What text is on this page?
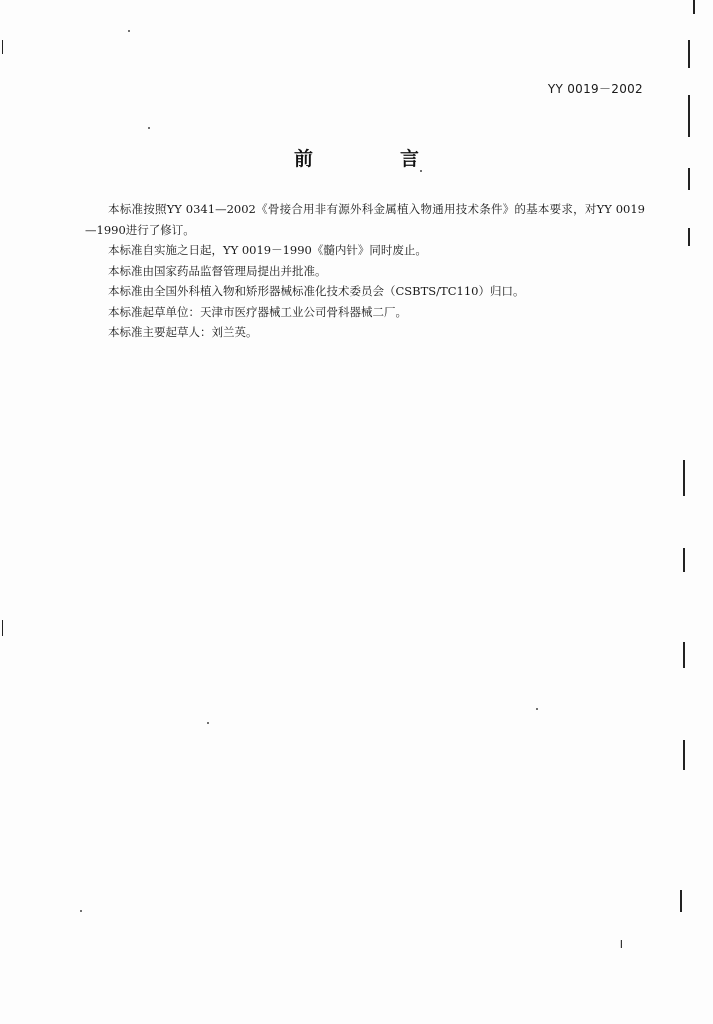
YY 0019－2002
前　言

本标准按照YY 0341—2002《骨接合用非有源外科金属植入物通用技术条件》的基本要求，对YY 0019—1990进行了修订。

本标准自实施之日起，YY 0019－1990《髓内针》同时废止。

本标准由国家药品监督管理局提出并批准。

本标准由全国外科植入物和矫形器械标准化技术委员会（CSBTS/TC110）归口。

本标准起草单位：天津市医疗器械工业公司骨科器械二厂。

本标准主要起草人：刘兰英。

I
